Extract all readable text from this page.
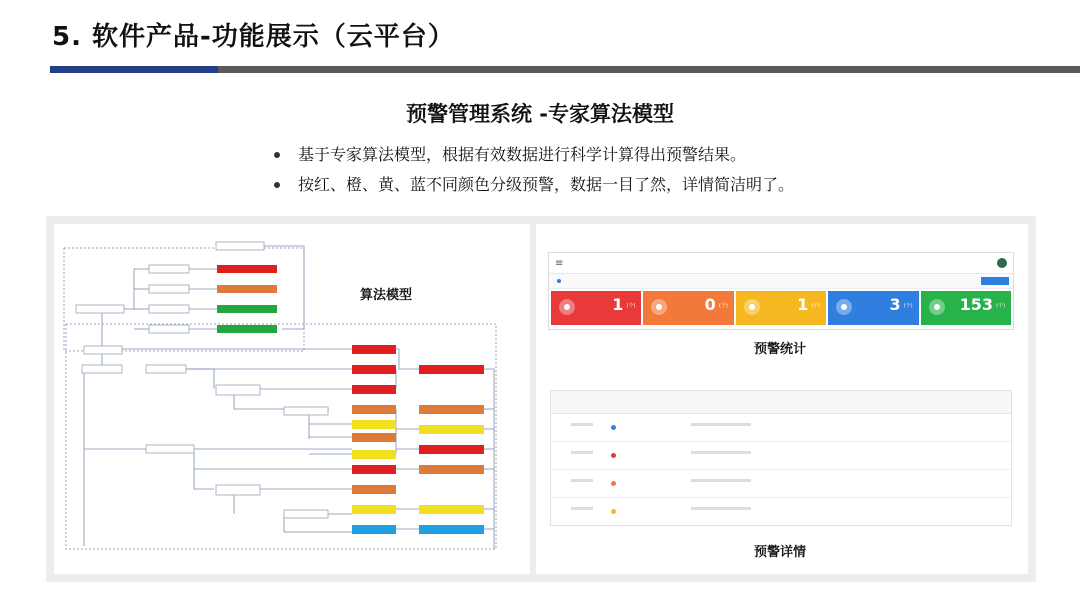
5. 软件产品-功能展示（云平台）
预警管理系统 -专家算法模型
基于专家算法模型，根据有效数据进行科学计算得出预警结果。
按红、橙、黄、蓝不同颜色分级预警，数据一目了然，详情简洁明了。
算法模型
≡
1 (个)	0 (个)	1 (个)	3 (个)	153 (个)
预警统计
预警详情
